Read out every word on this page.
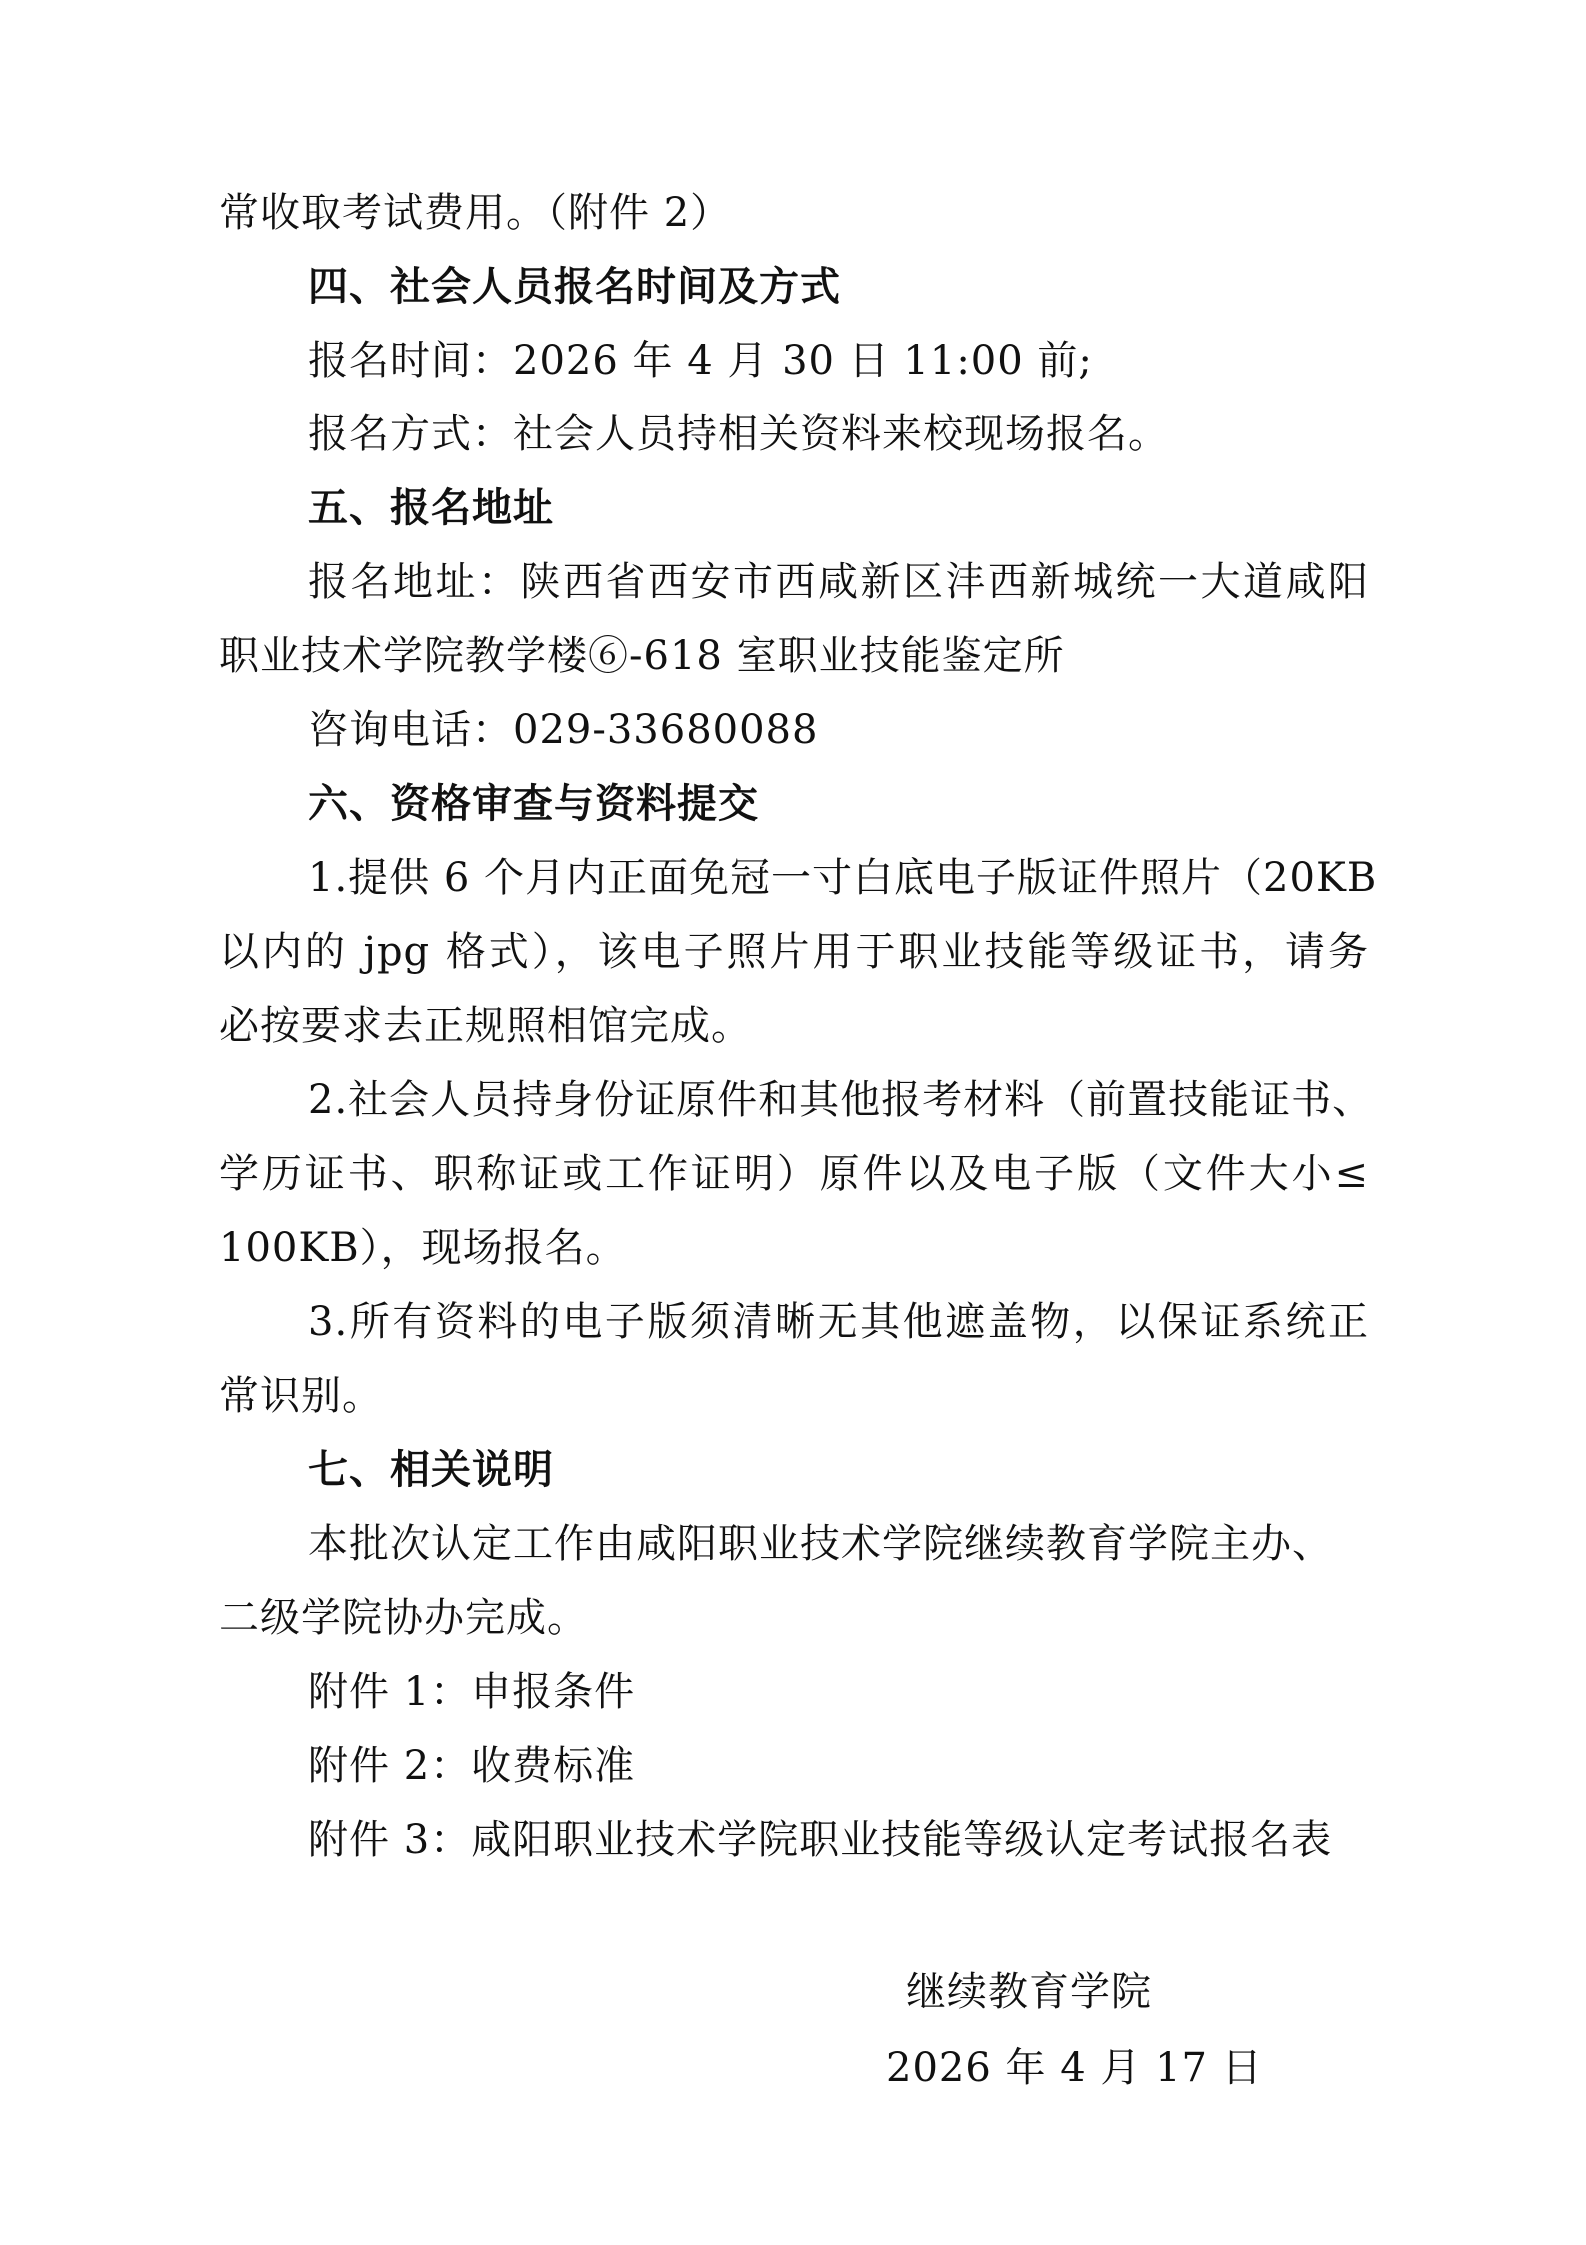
常收取考试费用。（附件 2）
四、社会人员报名时间及方式
报名时间：2026 年 4 月 30 日 11:00 前;
报名方式：社会人员持相关资料来校现场报名。
五、报名地址
报名地址：陕西省西安市西咸新区沣西新城统一大道咸阳
职业技术学院教学楼⑥-618 室职业技能鉴定所
咨询电话：029-33680088
六、资格审查与资料提交
1.提供 6 个月内正面免冠一寸白底电子版证件照片（20KB
以内的 jpg 格式），该电子照片用于职业技能等级证书，请务
必按要求去正规照相馆完成。
2.社会人员持身份证原件和其他报考材料（前置技能证书、
学历证书、职称证或工作证明）原件以及电子版（文件大小≤
100KB），现场报名。
3.所有资料的电子版须清晰无其他遮盖物，以保证系统正
常识别。
七、相关说明
本批次认定工作由咸阳职业技术学院继续教育学院主办、
二级学院协办完成。
附件 1：申报条件
附件 2：收费标准
附件 3：咸阳职业技术学院职业技能等级认定考试报名表
继续教育学院
2026 年 4 月 17 日
